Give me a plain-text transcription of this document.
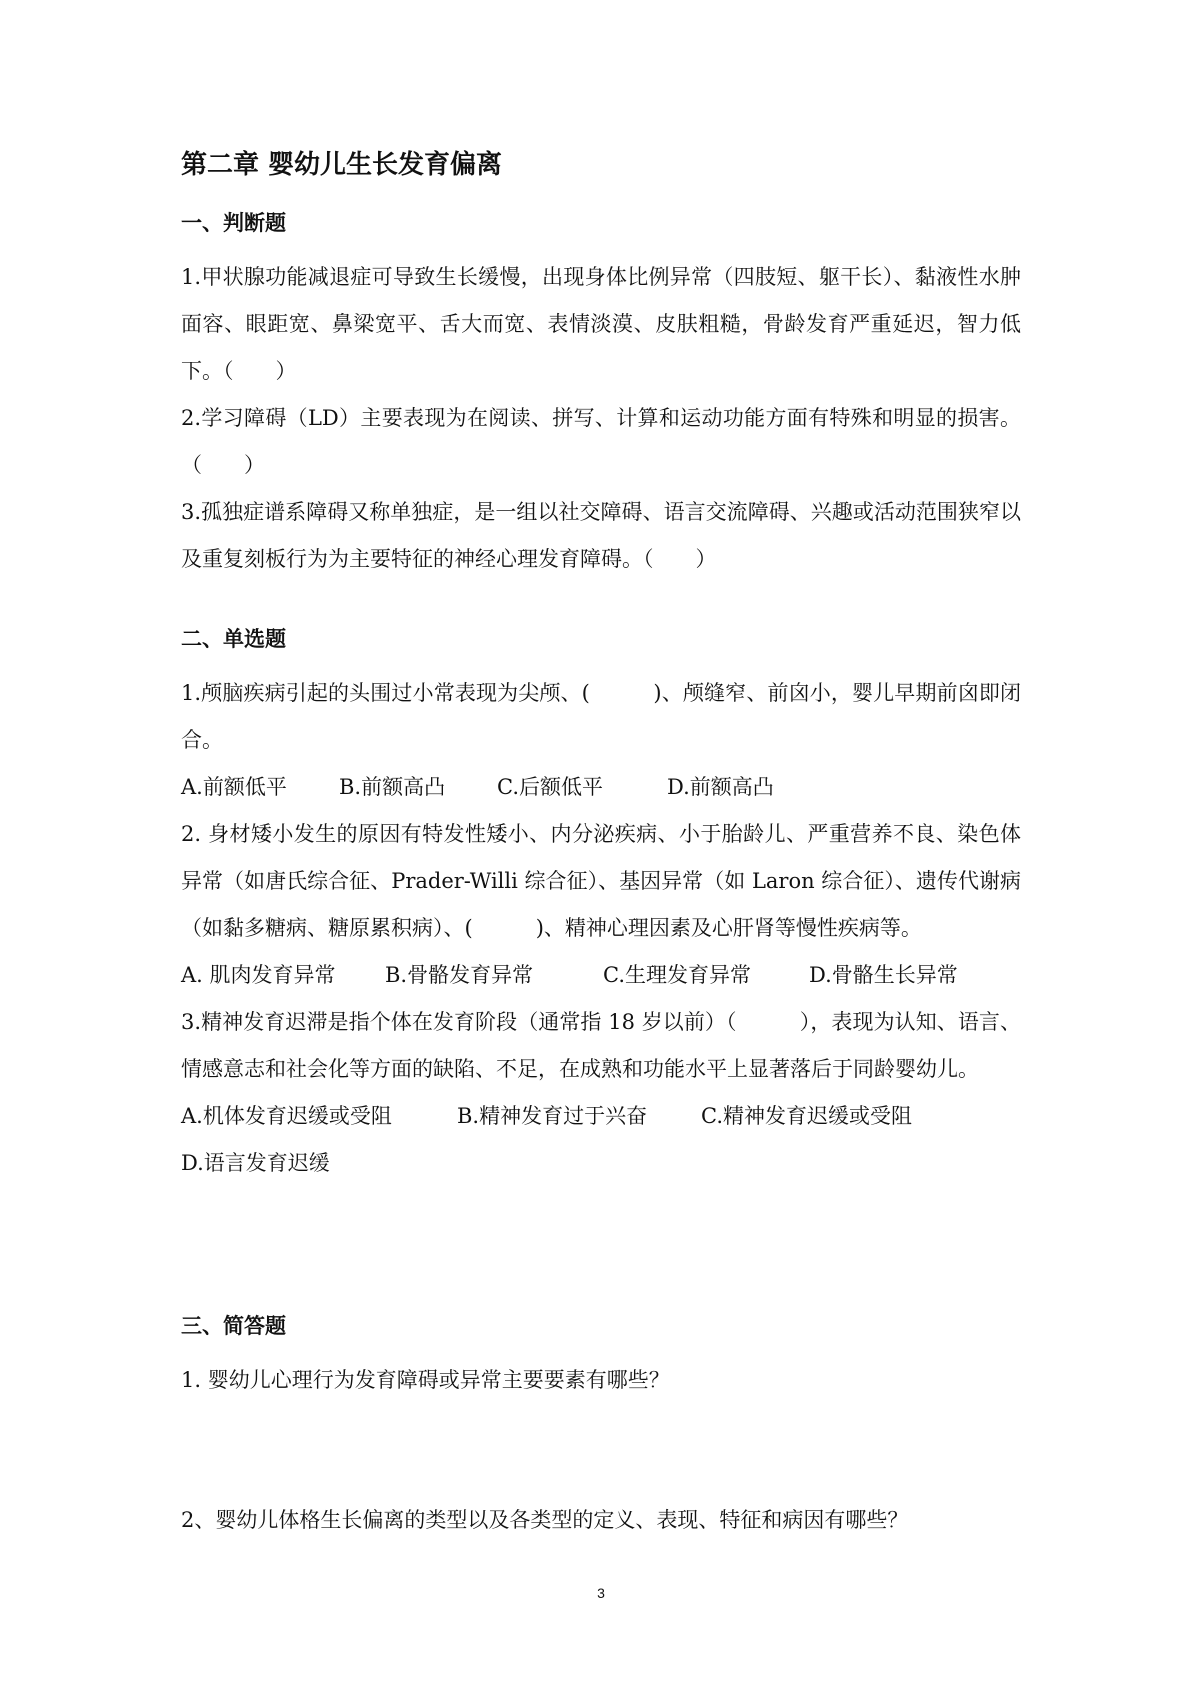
第二章 婴幼儿生长发育偏离
一、判断题

1.甲状腺功能减退症可导致生长缓慢，出现身体比例异常（四肢短、躯干长）、黏液性水肿面容、眼距宽、鼻梁宽平、舌大而宽、表情淡漠、皮肤粗糙，骨龄发育严重延迟，智力低下。（　　）

2.学习障碍（LD）主要表现为在阅读、拼写、计算和运动功能方面有特殊和明显的损害。（　　）

3.孤独症谱系障碍又称单独症，是一组以社交障碍、语言交流障碍、兴趣或活动范围狭窄以及重复刻板行为为主要特征的神经心理发育障碍。（　　）

二、单选题

1.颅脑疾病引起的头围过小常表现为尖颅、(　　　)、颅缝窄、前囟小，婴儿早期前囟即闭合。

A.前额低平	B.前额高凸	C.后额低平	D.前额高凸

2. 身材矮小发生的原因有特发性矮小、内分泌疾病、小于胎龄儿、严重营养不良、染色体异常（如唐氏综合征、Prader-Willi 综合征）、基因异常（如 Laron 综合征）、遗传代谢病（如黏多糖病、糖原累积病）、(　　　)、精神心理因素及心肝肾等慢性疾病等。

A. 肌肉发育异常	B.骨骼发育异常	C.生理发育异常	D.骨骼生长异常

3.精神发育迟滞是指个体在发育阶段（通常指 18 岁以前）（　　　），表现为认知、语言、情感意志和社会化等方面的缺陷、不足，在成熟和功能水平上显著落后于同龄婴幼儿。

A.机体发育迟缓或受阻	B.精神发育过于兴奋	C.精神发育迟缓或受阻
D.语言发育迟缓
三、简答题

1. 婴幼儿心理行为发育障碍或异常主要要素有哪些？

2、婴幼儿体格生长偏离的类型以及各类型的定义、表现、特征和病因有哪些？

3
